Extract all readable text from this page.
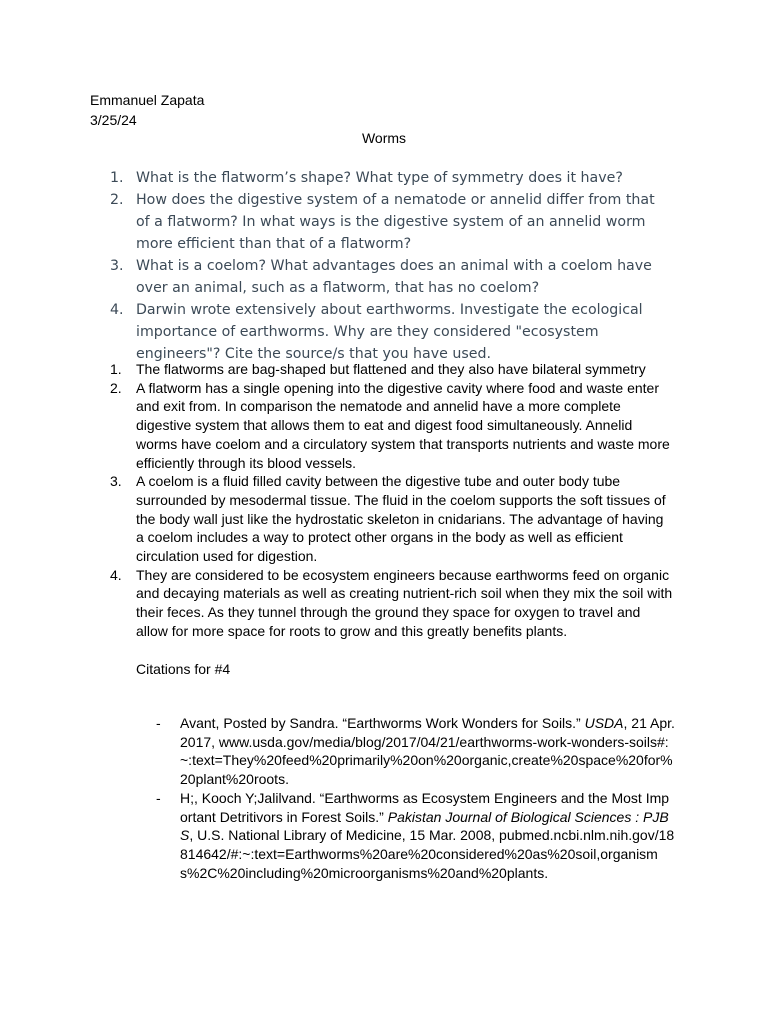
Emmanuel Zapata
3/25/24
Worms
1. What is the flatworm’s shape? What type of symmetry does it have?
2. How does the digestive system of a nematode or annelid differ from that of a flatworm? In what ways is the digestive system of an annelid worm more efficient than that of a flatworm?
3. What is a coelom? What advantages does an animal with a coelom have over an animal, such as a flatworm, that has no coelom?
4. Darwin wrote extensively about earthworms. Investigate the ecological importance of earthworms. Why are they considered "ecosystem engineers"? Cite the source/s that you have used.
1.	The flatworms are bag-shaped but flattened and they also have bilateral symmetry
2.	A flatworm has a single opening into the digestive cavity where food and waste enter and exit from. In comparison the nematode and annelid have a more complete digestive system that allows them to eat and digest food simultaneously. Annelid worms have coelom and a circulatory system that transports nutrients and waste more efficiently through its blood vessels.
3.	A coelom is a fluid filled cavity between the digestive tube and outer body tube surrounded by mesodermal tissue. The fluid in the coelom supports the soft tissues of the body wall just like the hydrostatic skeleton in cnidarians. The advantage of having a coelom includes a way to protect other organs in the body as well as efficient circulation used for digestion.
4.	They are considered to be ecosystem engineers because earthworms feed on organic and decaying materials as well as creating nutrient-rich soil when they mix the soil with their feces. As they tunnel through the ground they space for oxygen to travel and allow for more space for roots to grow and this greatly benefits plants.
Citations for #4
-	Avant, Posted by Sandra. “Earthworms Work Wonders for Soils.” USDA, 21 Apr. 2017, www.usda.gov/media/blog/2017/04/21/earthworms-work-wonders-soils#:~:text=They%20feed%20primarily%20on%20organic,create%20space%20for%20plant%20roots.
-	H;, Kooch Y;Jalilvand. “Earthworms as Ecosystem Engineers and the Most Important Detritivors in Forest Soils.” Pakistan Journal of Biological Sciences : PJBS, U.S. National Library of Medicine, 15 Mar. 2008, pubmed.ncbi.nlm.nih.gov/18814642/#:~:text=Earthworms%20are%20considered%20as%20soil,organisms%2C%20including%20microorganisms%20and%20plants.
